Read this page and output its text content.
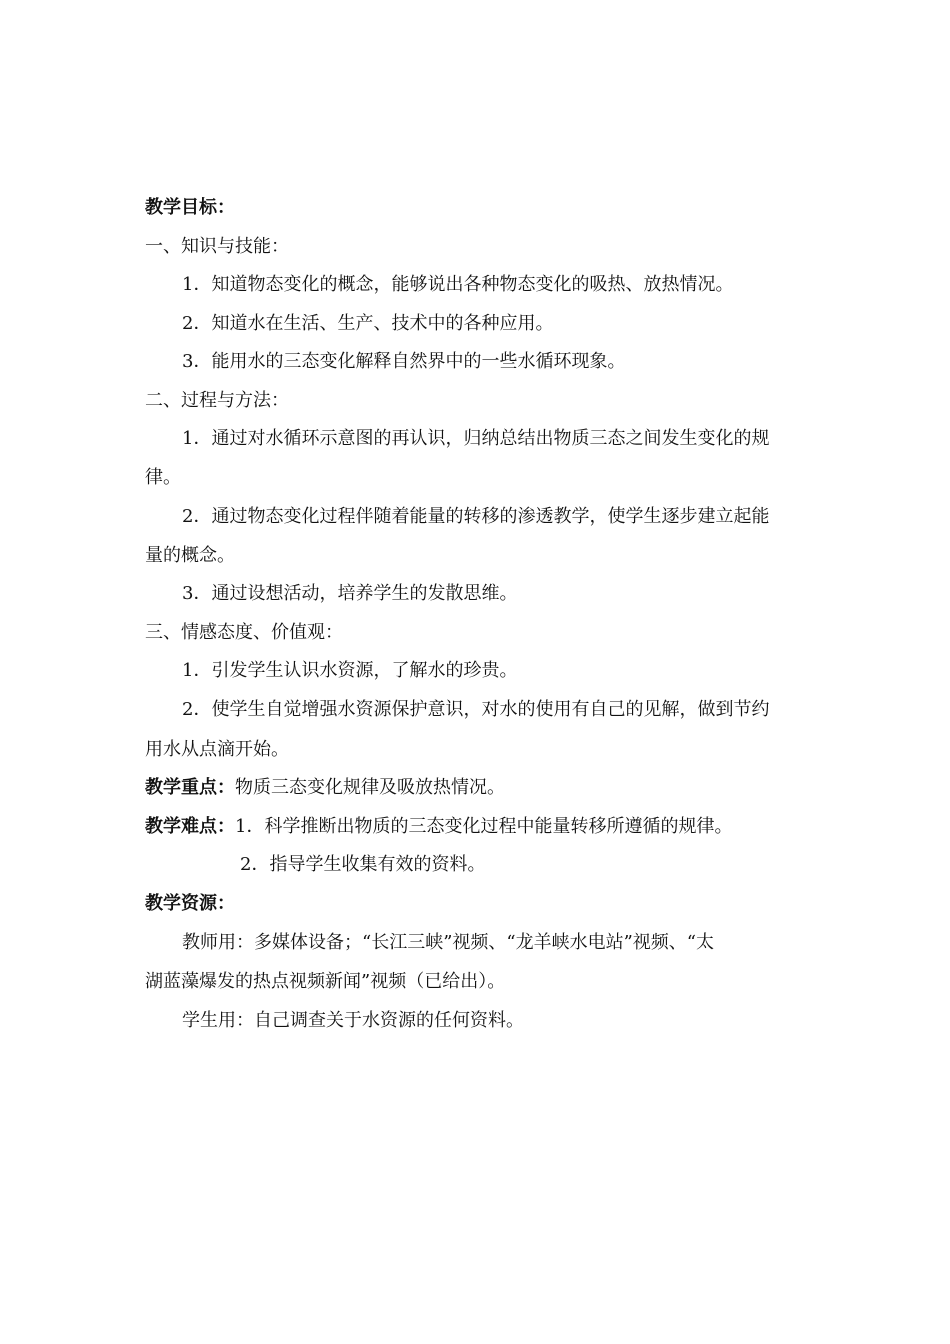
教学目标：
一、知识与技能：
1．知道物态变化的概念，能够说出各种物态变化的吸热、放热情况。
2．知道水在生活、生产、技术中的各种应用。
3．能用水的三态变化解释自然界中的一些水循环现象。
二、过程与方法：
1．通过对水循环示意图的再认识，归纳总结出物质三态之间发生变化的规
律。
2．通过物态变化过程伴随着能量的转移的渗透教学，使学生逐步建立起能
量的概念。
3．通过设想活动，培养学生的发散思维。
三、情感态度、价值观：
1．引发学生认识水资源，了解水的珍贵。
2．使学生自觉增强水资源保护意识，对水的使用有自己的见解，做到节约
用水从点滴开始。
教学重点：物质三态变化规律及吸放热情况。
教学难点：1．科学推断出物质的三态变化过程中能量转移所遵循的规律。
2．指导学生收集有效的资料。
教学资源：
教师用：多媒体设备；“长江三峡”视频、“龙羊峡水电站”视频、“太
湖蓝藻爆发的热点视频新闻”视频（已给出）。
学生用：自己调查关于水资源的任何资料。
